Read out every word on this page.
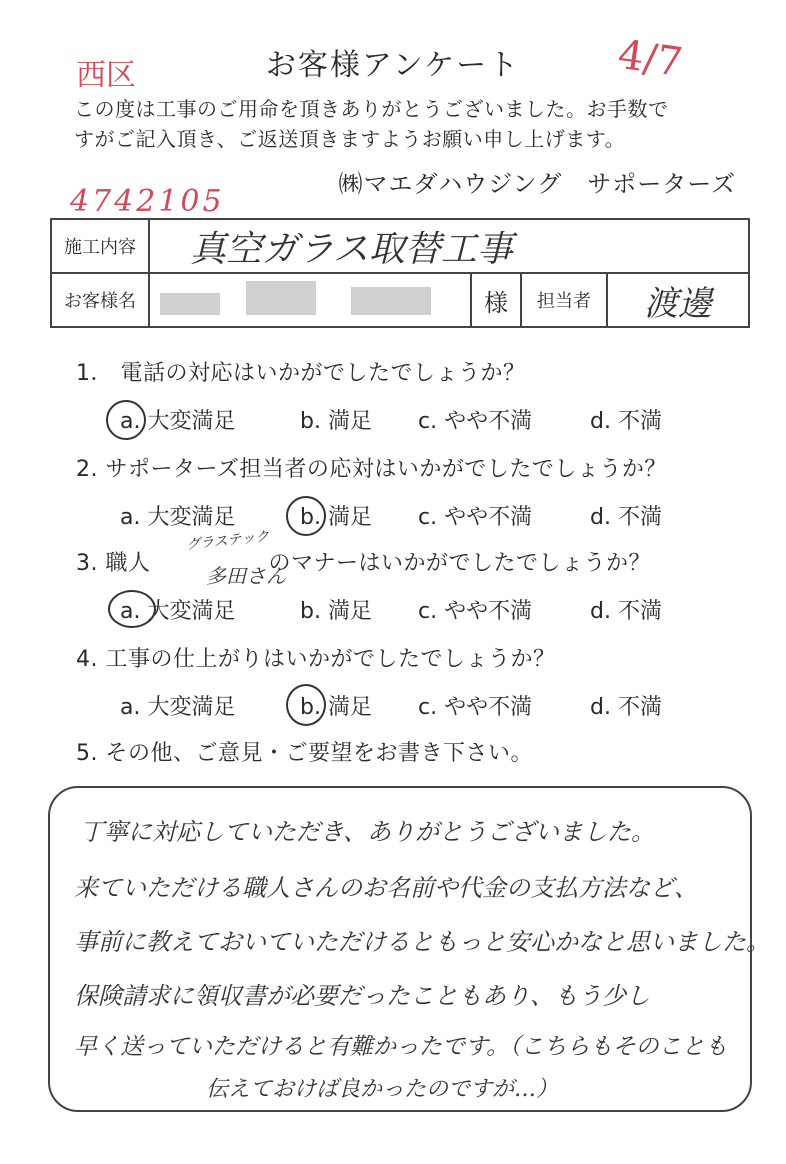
西区	4/7
お客様アンケート
この度は工事のご用命を頂きありがとうございました。お手数で
すがご記入頂き、ご返送頂きますようお願い申し上げます。
4742105	㈱マエダハウジング　サポーターズ
施工内容	真空ガラス取替工事			
お客様名		様	担当者	渡邊
1． 電話の対応はいかがでしたでしょうか？
a. 大変満足	b. 満足 c. やや不満	d. 不満
2. サポーターズ担当者の応対はいかがでしたでしょうか？
a. 大変満足	b. 満足 c. やや不満	d. 不満
3. 職人	のマナーはいかがでしたでしょうか？
グラステック
多田さん
a. 大変満足	b. 満足 c. やや不満	d. 不満
4. 工事の仕上がりはいかがでしたでしょうか？
a. 大変満足	b. 満足 c. やや不満	d. 不満
5. その他、ご意見・ご要望をお書き下さい。
丁寧に対応していただき、ありがとうございました。
来ていただける職人さんのお名前や代金の支払方法など、
事前に教えておいていただけるともっと安心かなと思いました。
保険請求に領収書が必要だったこともあり、もう少し
早く送っていただけると有難かったです。（こちらもそのことも
伝えておけば良かったのですが…）
